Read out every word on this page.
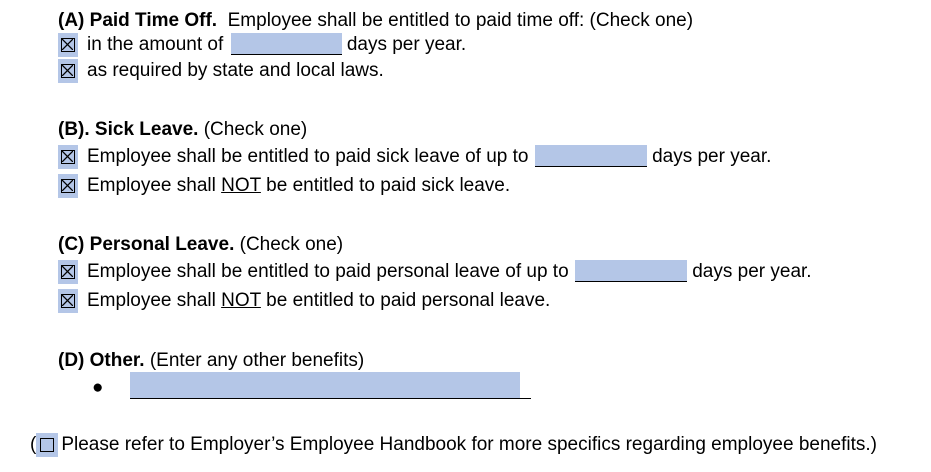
(A) Paid Time Off. Employee shall be entitled to paid time off: (Check one)
in the amount of	days per year.
as required by state and local laws.
(B). Sick Leave. (Check one)
Employee shall be entitled to paid sick leave of up to	days per year.
Employee shall NOT be entitled to paid sick leave.
(C) Personal Leave. (Check one)
Employee shall be entitled to paid personal leave of up to	days per year.
Employee shall NOT be entitled to paid personal leave.
(D) Other. (Enter any other benefits)
●
( Please refer to Employer’s Employee Handbook for more specifics regarding employee benefits.)
